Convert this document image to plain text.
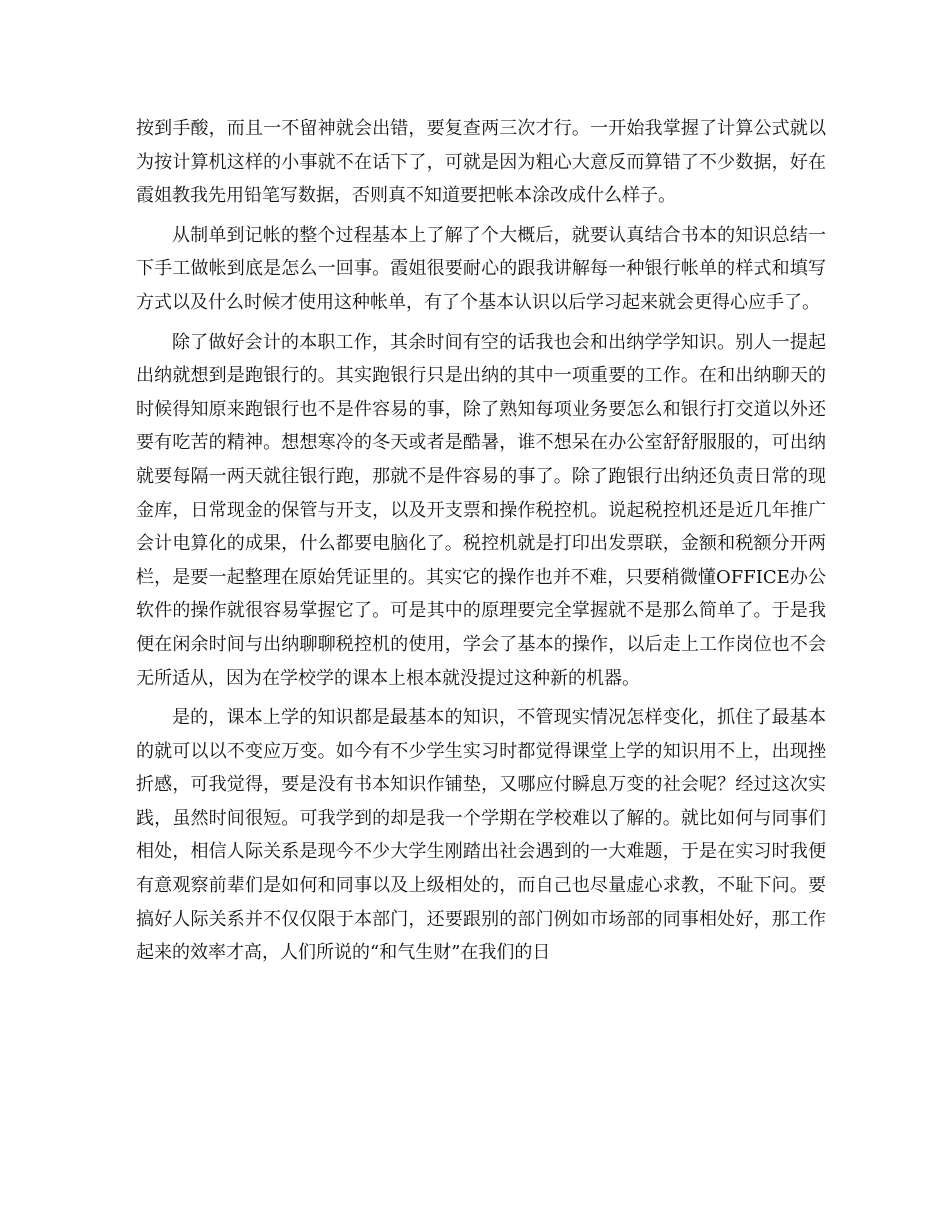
按到手酸，而且一不留神就会出错，要复查两三次才行。一开始我掌握了计算公式就以为按计算机这样的小事就不在话下了，可就是因为粗心大意反而算错了不少数据，好在霞姐教我先用铅笔写数据，否则真不知道要把帐本涂改成什么样子。

从制单到记帐的整个过程基本上了解了个大概后，就要认真结合书本的知识总结一下手工做帐到底是怎么一回事。霞姐很要耐心的跟我讲解每一种银行帐单的样式和填写方式以及什么时候才使用这种帐单，有了个基本认识以后学习起来就会更得心应手了。

除了做好会计的本职工作，其余时间有空的话我也会和出纳学学知识。别人一提起出纳就想到是跑银行的。其实跑银行只是出纳的其中一项重要的工作。在和出纳聊天的时候得知原来跑银行也不是件容易的事，除了熟知每项业务要怎么和银行打交道以外还要有吃苦的精神。想想寒冷的冬天或者是酷暑，谁不想呆在办公室舒舒服服的，可出纳就要每隔一两天就往银行跑，那就不是件容易的事了。除了跑银行出纳还负责日常的现金库，日常现金的保管与开支，以及开支票和操作税控机。说起税控机还是近几年推广会计电算化的成果，什么都要电脑化了。税控机就是打印出发票联，金额和税额分开两栏，是要一起整理在原始凭证里的。其实它的操作也并不难，只要稍微懂OFFICE办公软件的操作就很容易掌握它了。可是其中的原理要完全掌握就不是那么简单了。于是我便在闲余时间与出纳聊聊税控机的使用，学会了基本的操作，以后走上工作岗位也不会无所适从，因为在学校学的课本上根本就没提过这种新的机器。

是的，课本上学的知识都是最基本的知识，不管现实情况怎样变化，抓住了最基本的就可以以不变应万变。如今有不少学生实习时都觉得课堂上学的知识用不上，出现挫折感，可我觉得，要是没有书本知识作铺垫，又哪应付瞬息万变的社会呢？经过这次实践，虽然时间很短。可我学到的却是我一个学期在学校难以了解的。就比如何与同事们相处，相信人际关系是现今不少大学生刚踏出社会遇到的一大难题，于是在实习时我便有意观察前辈们是如何和同事以及上级相处的，而自己也尽量虚心求教，不耻下问。要搞好人际关系并不仅仅限于本部门，还要跟别的部门例如市场部的同事相处好，那工作起来的效率才高，人们所说的“和气生财”在我们的日
